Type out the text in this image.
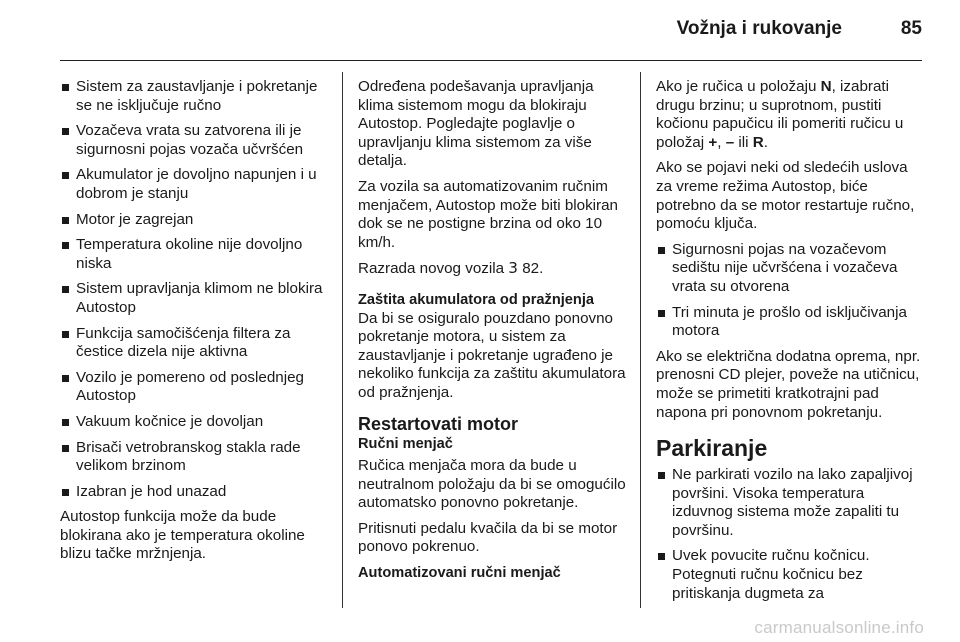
Vožnja i rukovanje	85
Sistem za zaustavljanje i pokretanje se ne isključuje ručno
Vozačeva vrata su zatvorena ili je sigurnosni pojas vozača učvršćen
Akumulator je dovoljno napunjen i u dobrom je stanju
Motor je zagrejan
Temperatura okoline nije dovoljno niska
Sistem upravljanja klimom ne blokira Autostop
Funkcija samočišćenja filtera za čestice dizela nije aktivna
Vozilo je pomereno od poslednjeg Autostop
Vakuum kočnice je dovoljan
Brisači vetrobranskog stakla rade velikom brzinom
Izabran je hod unazad

Autostop funkcija može da bude blokirana ako je temperatura okoline blizu tačke mržnjenja.

Određena podešavanja upravljanja klima sistemom mogu da blokiraju Autostop. Pogledajte poglavlje o upravljanju klima sistemom za više detalja.

Za vozila sa automatizovanim ručnim menjačem, Autostop može biti blokiran dok se ne postigne brzina od oko 10 km/h.

Razrada novog vozila 3 82.

Zaštita akumulatora od pražnjenja

Da bi se osiguralo pouzdano ponovno pokretanje motora, u sistem za zaustavljanje i pokretanje ugrađeno je nekoliko funkcija za zaštitu akumulatora od pražnjenja.

Restartovati motor

Ručni menjač

Ručica menjača mora da bude u neutralnom položaju da bi se omogućilo automatsko ponovno pokretanje.

Pritisnuti pedalu kvačila da bi se motor ponovo pokrenuo.

Automatizovani ručni menjač

Ako je ručica u položaju N, izabrati drugu brzinu; u suprotnom, pustiti kočionu papučicu ili pomeriti ručicu u položaj +, – ili R.

Ako se pojavi neki od sledećih uslova za vreme režima Autostop, biće potrebno da se motor restartuje ručno, pomoću ključa.

Sigurnosni pojas na vozačevom sedištu nije učvršćena i vozačeva vrata su otvorena
Tri minuta je prošlo od isključivanja motora

Ako se električna dodatna oprema, npr. prenosni CD plejer, poveže na utičnicu, može se primetiti kratkotrajni pad napona pri ponovnom pokretanju.

Parkiranje
Ne parkirati vozilo na lako zapaljivoj površini. Visoka temperatura izduvnog sistema može zapaliti tu površinu.
Uvek povucite ručnu kočnicu. Potegnuti ručnu kočnicu bez pritiskanja dugmeta za
carmanualsonline.info
